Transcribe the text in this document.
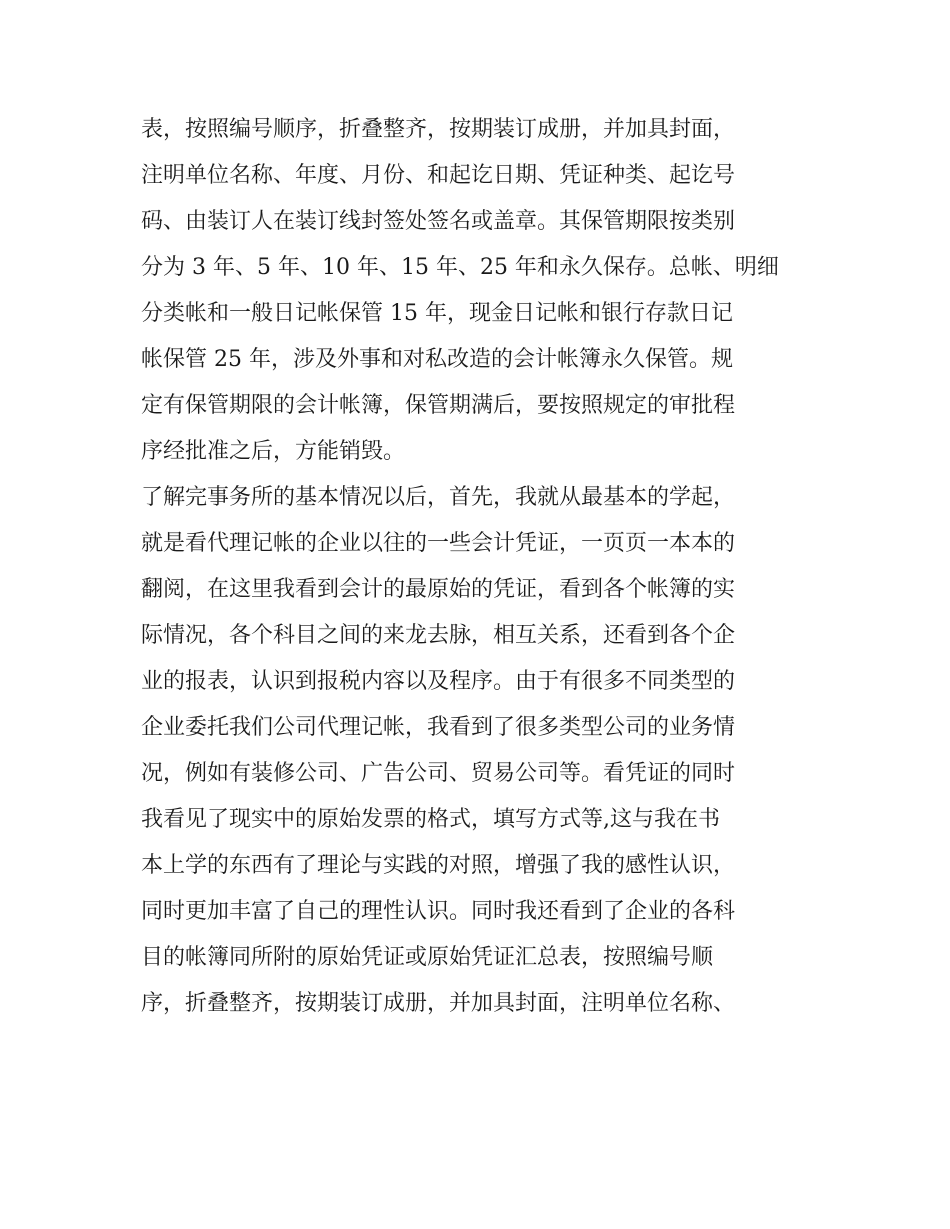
表，按照编号顺序，折叠整齐，按期装订成册，并加具封面，
注明单位名称、年度、月份、和起讫日期、凭证种类、起讫号
码、由装订人在装订线封签处签名或盖章。其保管期限按类别
分为 3 年、5 年、10 年、15 年、25 年和永久保存。总帐、明细
分类帐和一般日记帐保管 15 年，现金日记帐和银行存款日记
帐保管 25 年，涉及外事和对私改造的会计帐簿永久保管。规
定有保管期限的会计帐簿，保管期满后，要按照规定的审批程
序经批准之后，方能销毁。
了解完事务所的基本情况以后，首先，我就从最基本的学起，
就是看代理记帐的企业以往的一些会计凭证，一页页一本本的
翻阅，在这里我看到会计的最原始的凭证，看到各个帐簿的实
际情况，各个科目之间的来龙去脉，相互关系，还看到各个企
业的报表，认识到报税内容以及程序。由于有很多不同类型的
企业委托我们公司代理记帐，我看到了很多类型公司的业务情
况，例如有装修公司、广告公司、贸易公司等。看凭证的同时
我看见了现实中的原始发票的格式，填写方式等,这与我在书
本上学的东西有了理论与实践的对照，增强了我的感性认识，
同时更加丰富了自己的理性认识。同时我还看到了企业的各科
目的帐簿同所附的原始凭证或原始凭证汇总表，按照编号顺
序，折叠整齐，按期装订成册，并加具封面，注明单位名称、
